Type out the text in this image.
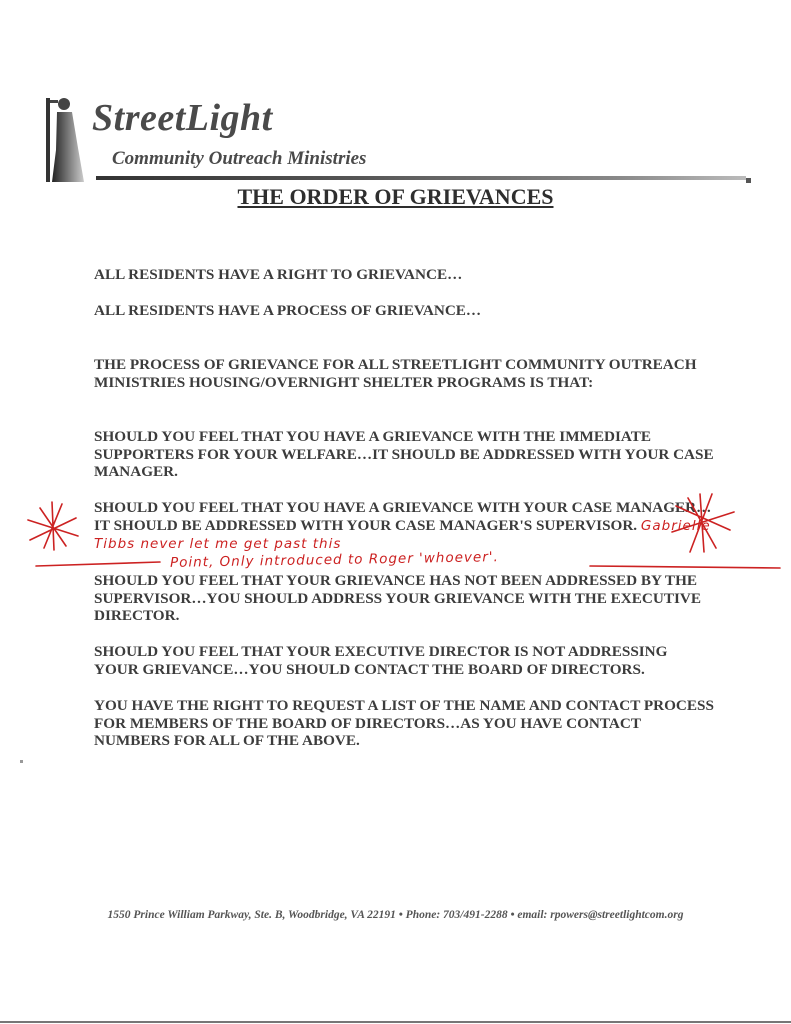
StreetLight
Community Outreach Ministries
THE ORDER OF GRIEVANCES
ALL RESIDENTS HAVE A RIGHT TO GRIEVANCE…
ALL RESIDENTS HAVE A PROCESS OF GRIEVANCE…
THE PROCESS OF GRIEVANCE FOR ALL STREETLIGHT COMMUNITY OUTREACH MINISTRIES HOUSING/OVERNIGHT SHELTER PROGRAMS IS THAT:
SHOULD YOU FEEL THAT YOU HAVE A GRIEVANCE WITH THE IMMEDIATE SUPPORTERS FOR YOUR WELFARE…IT SHOULD BE ADDRESSED WITH YOUR CASE MANAGER.
SHOULD YOU FEEL THAT YOU HAVE A GRIEVANCE WITH YOUR CASE MANAGER…IT SHOULD BE ADDRESSED WITH YOUR CASE MANAGER'S SUPERVISOR. Gabrielle Tibbs never let me get past this
Point, Only introduced to Roger 'whoever'.
SHOULD YOU FEEL THAT YOUR GRIEVANCE HAS NOT BEEN ADDRESSED BY THE SUPERVISOR…YOU SHOULD ADDRESS YOUR GRIEVANCE WITH THE EXECUTIVE DIRECTOR.
SHOULD YOU FEEL THAT YOUR EXECUTIVE DIRECTOR IS NOT ADDRESSING YOUR GRIEVANCE…YOU SHOULD CONTACT THE BOARD OF DIRECTORS.
YOU HAVE THE RIGHT TO REQUEST A LIST OF THE NAME AND CONTACT PROCESS FOR MEMBERS OF THE BOARD OF DIRECTORS…AS YOU HAVE CONTACT NUMBERS FOR ALL OF THE ABOVE.
1550 Prince William Parkway, Ste. B, Woodbridge, VA 22191 • Phone: 703/491-2288 • email: rpowers@streetlightcom.org
